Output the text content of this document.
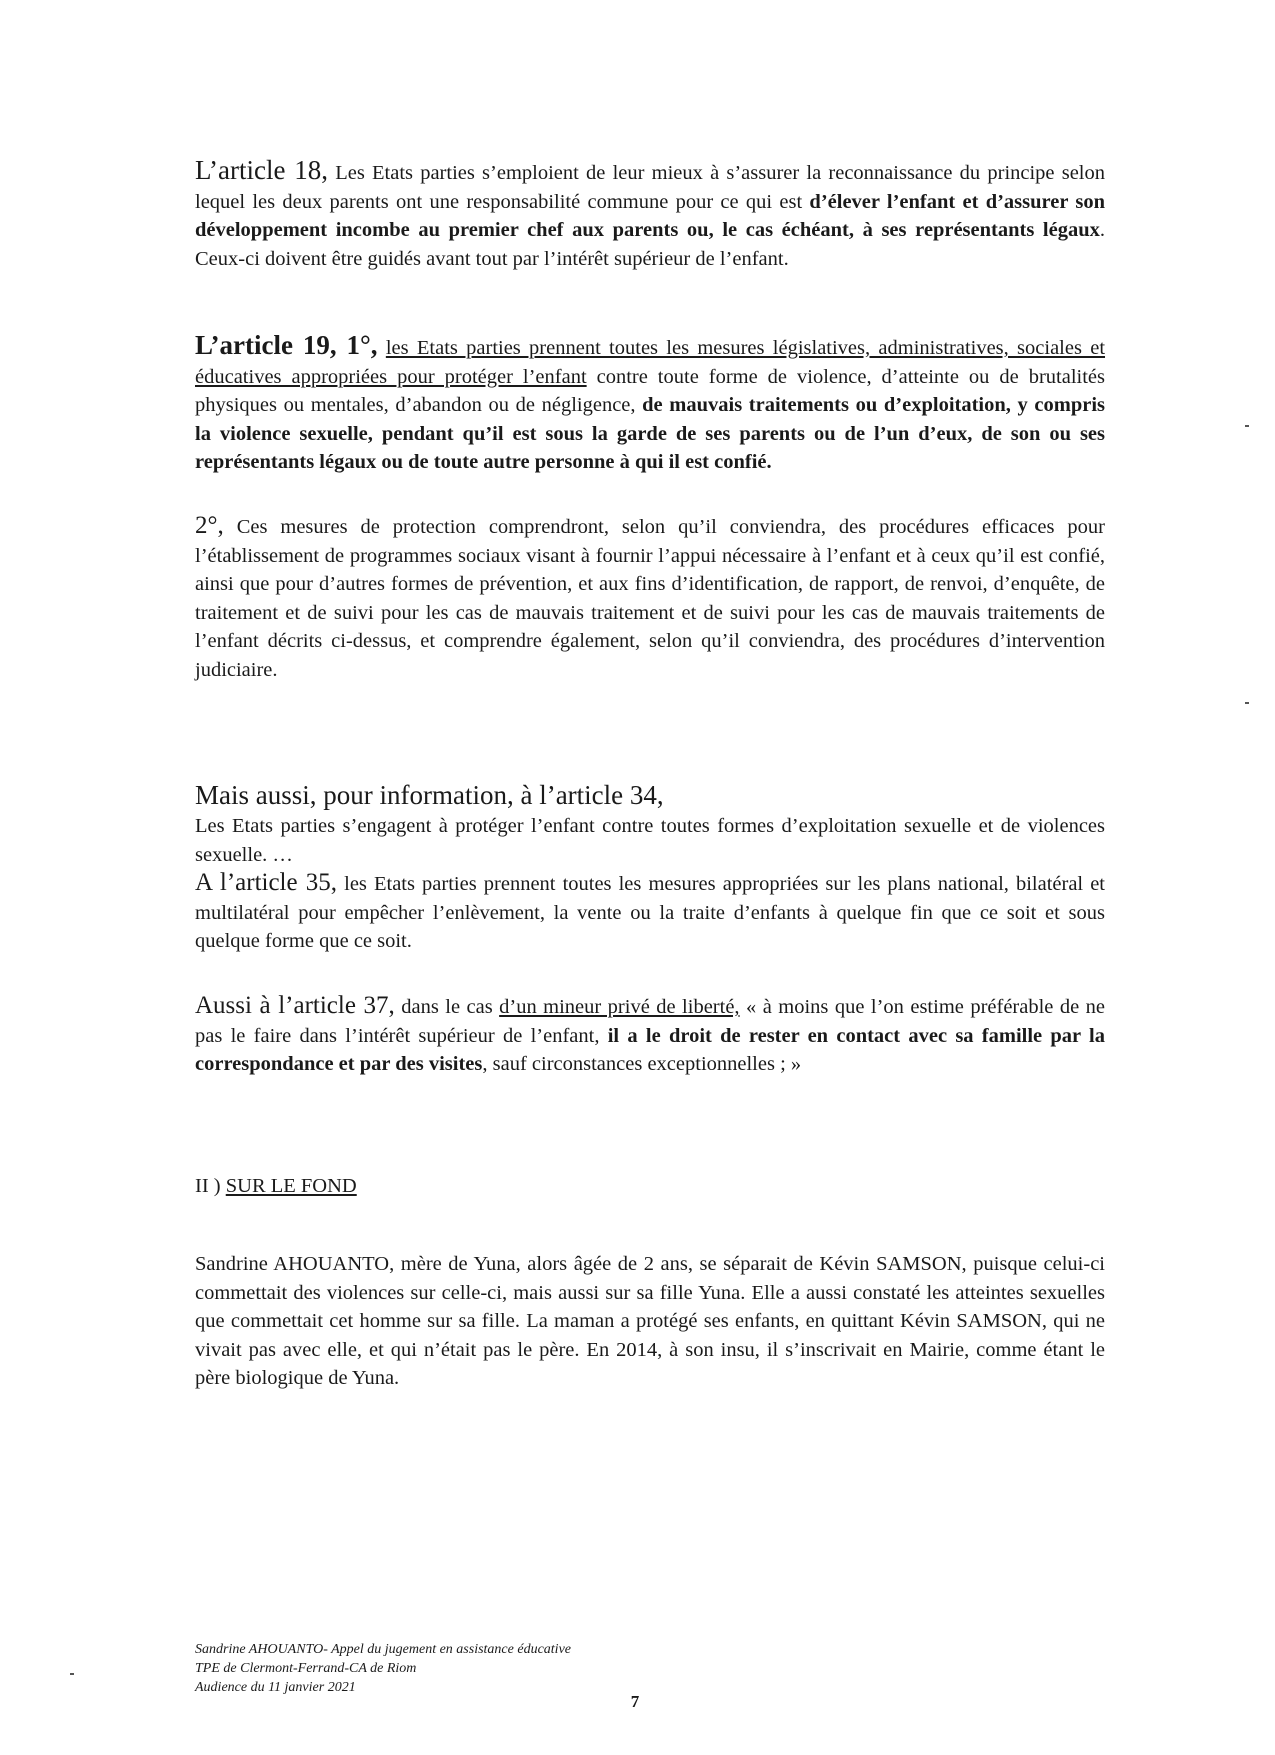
L’article 18, Les Etats parties s’emploient de leur mieux à s’assurer la reconnaissance du principe selon lequel les deux parents ont une responsabilité commune pour ce qui est d’élever l’enfant et d’assurer son développement incombe au premier chef aux parents ou, le cas échéant, à ses représentants légaux. Ceux-ci doivent être guidés avant tout par l’intérêt supérieur de l’enfant.

L’article 19, 1°, les Etats parties prennent toutes les mesures législatives, administratives, sociales et éducatives appropriées pour protéger l’enfant contre toute forme de violence, d’atteinte ou de brutalités physiques ou mentales, d’abandon ou de négligence, de mauvais traitements ou d’exploitation, y compris la violence sexuelle, pendant qu’il est sous la garde de ses parents ou de l’un d’eux, de son ou ses représentants légaux ou de toute autre personne à qui il est confié.

2°, Ces mesures de protection comprendront, selon qu’il conviendra, des procédures efficaces pour l’établissement de programmes sociaux visant à fournir l’appui nécessaire à l’enfant et à ceux qu’il est confié, ainsi que pour d’autres formes de prévention, et aux fins d’identification, de rapport, de renvoi, d’enquête, de traitement et de suivi pour les cas de mauvais traitement et de suivi pour les cas de mauvais traitements de l’enfant décrits ci-dessus, et comprendre également, selon qu’il conviendra, des procédures d’intervention judiciaire.

Mais aussi, pour information, à l’article 34,

Les Etats parties s’engagent à protéger l’enfant contre toutes formes d’exploitation sexuelle et de violences sexuelle. …

A l’article 35, les Etats parties prennent toutes les mesures appropriées sur les plans national, bilatéral et multilatéral pour empêcher l’enlèvement, la vente ou la traite d’enfants à quelque fin que ce soit et sous quelque forme que ce soit.

Aussi à l’article 37, dans le cas d’un mineur privé de liberté, « à moins que l’on estime préférable de ne pas le faire dans l’intérêt supérieur de l’enfant, il a le droit de rester en contact avec sa famille par la correspondance et par des visites, sauf circonstances exceptionnelles ; »

II ) SUR LE FOND

Sandrine AHOUANTO, mère de Yuna, alors âgée de 2 ans, se séparait de Kévin SAMSON, puisque celui-ci commettait des violences sur celle-ci, mais aussi sur sa fille Yuna. Elle a aussi constaté les atteintes sexuelles que commettait cet homme sur sa fille. La maman a protégé ses enfants, en quittant Kévin SAMSON, qui ne vivait pas avec elle, et qui n’était pas le père. En 2014, à son insu, il s’inscrivait en Mairie, comme étant le père biologique de Yuna.

Sandrine AHOUANTO- Appel du jugement en assistance éducative
TPE de Clermont-Ferrand-CA de Riom
Audience du 11 janvier 2021
7
